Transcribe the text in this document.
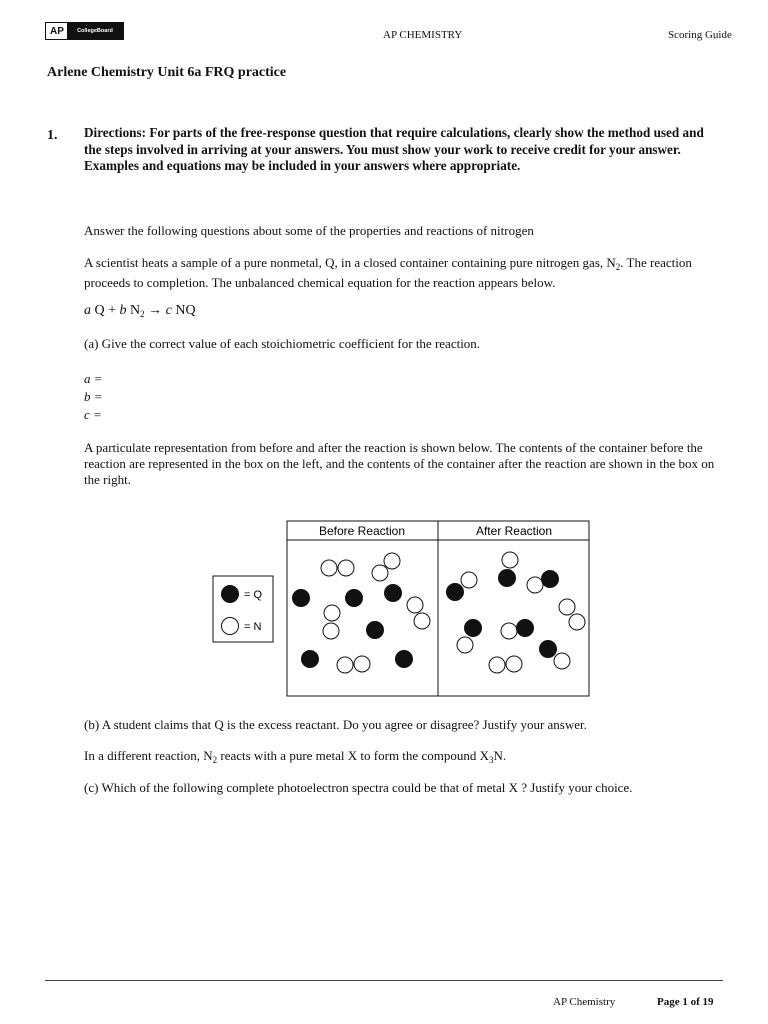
AP	CollegeBoard	AP CHEMISTRY	Scoring Guide
Arlene Chemistry Unit 6a FRQ practice
1. Directions: For parts of the free-response question that require calculations, clearly show the method used and the steps involved in arriving at your answers. You must show your work to receive credit for your answer. Examples and equations may be included in your answers where appropriate.
Answer the following questions about some of the properties and reactions of nitrogen
A scientist heats a sample of a pure nonmetal, Q, in a closed container containing pure nitrogen gas, $N_2$. The reaction proceeds to completion. The unbalanced chemical equation for the reaction appears below.
a Q + b $N_2 \to c$ NQ
(a) Give the correct value of each stoichiometric coefficient for the reaction.
a =
b =
c =
A particulate representation from before and after the reaction is shown below. The contents of the container before the reaction are represented in the box on the left, and the contents of the container after the reaction are shown in the box on the right.
= Q
= N
Before Reaction	After Reaction
(b) A student claims that Q is the excess reactant. Do you agree or disagree? Justify your answer.
In a different reaction, $N_2$ reacts with a pure metal X to form the compound $X_3N$.
(c) Which of the following complete photoelectron spectra could be that of metal X ? Justify your choice.
AP Chemistry	Page 1 of 19
